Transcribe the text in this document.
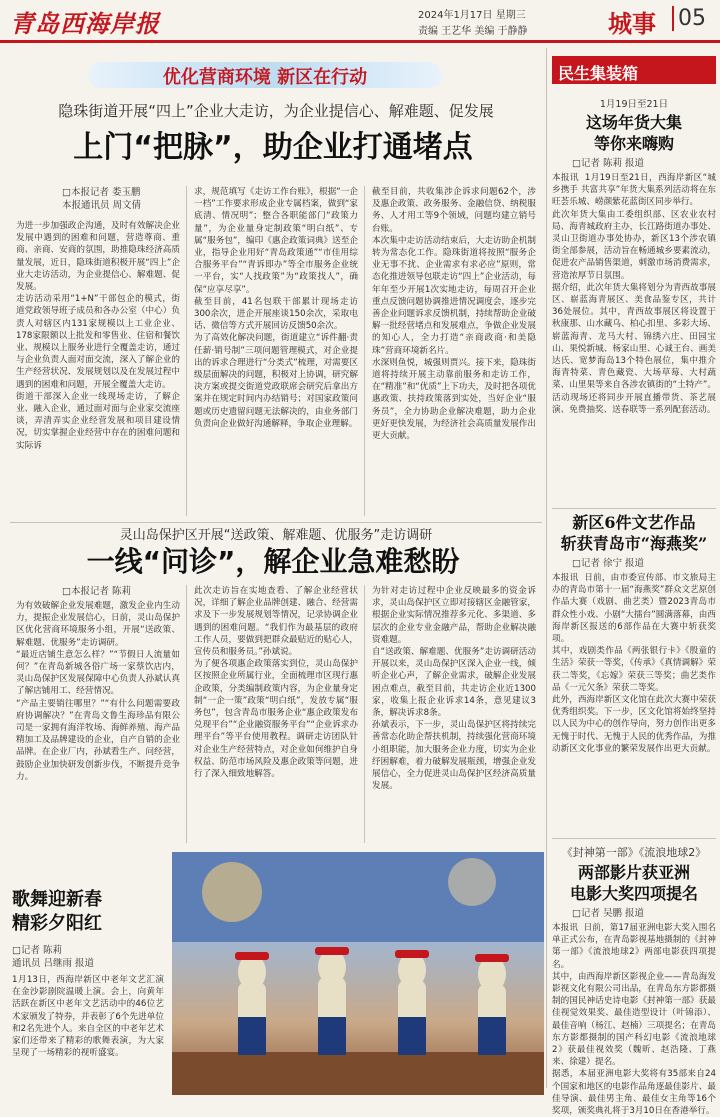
青岛西海岸报	2024年1月17日 星期三
责编 王艺华 美编 于静静	城事 05
优化营商环境 新区在行动
隐珠街道开展“四上”企业大走访，为企业提信心、解难题、促发展
上门“把脉”，助企业打通堵点
□本报记者 娄玉鹏
本报通讯员 周文倩
为进一步加强政企沟通，及时有效解决企业发展中遇到的困难和问题，营造尊商、重商、亲商、安商的氛围，助推隐珠经济高质量发展，近日，隐珠街道积极开展“四上”企业大走访活动，为企业提信心、解难题、促发展。
走访活动采用“1+N”干部包企的模式，街道党政领导班子成员和各办公室（中心）负责人对辖区内131家规模以上工业企业、178家限额以上批发和零售业、住宿和餐饮业、规模以上服务业进行全覆盖走访，通过与企业负责人面对面交流，深入了解企业的生产经营状况、发展规划以及在发展过程中遇到的困难和问题，开展全覆盖大走访。
街道干部深入企业一线现场走访，了解企业、融入企业，通过面对面与企业家交流座谈，弄清弄实企业经营发展和项目建设情况，切实掌握企业经营中存在的困难问题和实际诉
求，规范填写《走访工作台账》，根据“一企一档”工作要求形成企业专属档案，做到“家底清、情况明”；整合各职能部门“政策力量”，为企业量身定制政策“明白纸”、专属“服务包”，编印《惠企政策词典》送至企业，指导企业用好“青岛政策通”“市佳用综合服务平台”“青诉即办”等全市服务企业统一平台，实“人找政策”为“政策找人”，确保“应享尽享”。
截至目前，41名包联干部累计现场走访300余次，进企开展座谈150余次，采取电话、微信等方式开展回访反馈50余次。
为了高效化解决问题，街道建立“诉件翻·责任薪·销号制”三项问题管理模式，对企业提出的诉求合理进行“分类式”梳理，对需要区级层面解决的问题，积极对上协调，研究解决方案或提交街道党政联席会研究后拿出方案并在规定时间内办结销号；对国家政策问题或历史遗留问题无法解决的，由业务部门负责向企业做好沟通解释，争取企业理解。
截至目前，共收集涉企诉求问题62个，涉及惠企政策、政务服务、金融信贷、纳税服务、人才用工等9个领域，问题均建立销号台账。
本次集中走访活动结束后，大走访助企机制转为常态化工作。隐珠街道将按照“服务企业无事不扰、企业需求有求必应”原则，常态化推进领导包联走访“四上”企业活动，每年年至少开展1次实地走访，每周召开企业重点反馈问题协调推进情况调度会，逐步完善企业问题诉求反馈机制，持续帮助企业破解一批经营堵点和发展难点，争做企业发展的知心人，全力打造“亲商政商·和美隐珠”营商环境新名片。
水深则鱼悦，城强则贾兴。接下来，隐珠街道将持续开展主动靠前服务和走访工作，在“精准”和“优质”上下功夫，及时把各项优惠政策、扶持政策落到实处，当好企业“服务员”，全力协助企业解决难题，助力企业更好更快发展，为经济社会高质量发展作出更大贡献。
灵山岛保护区开展“送政策、解难题、优服务”走访调研
一线“问诊”，解企业急难愁盼
□本报记者 陈莉
为有效破解企业发展难题，激发企业内生动力，提振企业发展信心，日前，灵山岛保护区优化营商环境服务小组，开展“送政策、解难题、优服务”走访调研。
“最近店铺生意怎么样？”“节假日人流量如何？”在青岛新城各俗广场一家蔡饮店内，灵山岛保护区发展保障中心负责人孙斌认真了解店铺用工、经营情况。
“产品主要销往哪里？”“有什么问题需要政府协调解决？”在青岛文鲁生海珍品有限公司是一家拥有海洋牧场、海鲜养殖、海产品精加工及品牌建设的企业，自产自销的企业品牌。在企业厂内，孙斌看生产、问经营，鼓励企业加快研发创新步伐，不断提升竞争力。
此次走访旨在实地查看、了解企业经营状况，详细了解企业品牌创建、融合、经营需求及下一步发展规划等情况，记录协调企业遇到的困难问题。“我们作为最基层的政府工作人员，要做到把群众最贴近的贴心人，宣传员和服务员。”孙斌说。
为了便各项惠企政策落实到位，灵山岛保护区按照企业所属行业，全面梳理市区现行惠企政策，分类编制政策内容，为企业量身定制“一企一策”政策“明白纸”，发放专属“服务包”，包含青岛市服务企业“惠企政策发布兑现平台”“企业融资服务平台”“企业诉求办理平台”等平台使用教程。调研走访团队针对企业生产经营特点，对企业如何维护自身权益、防范市场风险及惠企政策等问题，进行了深入细致地解答。
为针对走访过程中企业反映最多的资金诉求，灵山岛保护区立即对接辖区金融管家，根据企业实际情况推荐多元化、多渠道、多层次的企业专业金融产品，帮助企业解决融资难题。
自“送政策、解难题、优服务”走访调研活动开展以来，灵山岛保护区深入企业一线，倾听企业心声，了解企业需求，破解企业发展困点难点，截至目前，共走访企业近1300家，收集上报企业诉求14条，意见建议3条，解决诉求8条。
孙斌表示，下一步，灵山岛保护区将持续完善常态化助企帮扶机制，持续强化营商环境小组职能，加大服务企业力度，切实为企业纾困解难，着力破解发展瓶颈，增强企业发展信心，全力促进灵山岛保护区经济高质量发展。
歌舞迎新春
精彩夕阳红
□记者 陈莉
通讯员 吕继雨 报道
1月13日，西海岸新区中老年文艺汇演在金沙影剧院温暖上演。会上，向黄年活跃在新区中老年文艺活动中的46位艺术家颁发了特券，并表彰了6个先进单位和2名先进个人。来自全区的中老年艺术家们还带来了精彩的歌舞表演，为大家呈现了一场精彩的视听盛宴。
民生集装箱
1月19日至21日
这场年货大集
等你来嗨购
□记者 陈莉 报道
本报讯  1月19日至21日，西海岸新区“城乡携手 共富共享”年货大集系列活动将在东旺荟乐城、崂颜紫花蓝街区同步举行。
此次年货大集由工委组织部、区农业农村局、海青城政府主办，长江路街道办事处、灵山卫街道办事处协办，新区13个涉农镇街全部参展，活动旨在畅通城乡要素流动，促进农产品销售渠道，刺激市场消费需求，营造浓厚节日氛围。
据介绍，此次年货大集将划分为青西故事展区、崭蓝海青展区、美食品鉴专区，共计36处展位。其中，青西故事展区将设置于秋康那、山水藏乌、柏心扣里、多彩大场、崭蓝海青、龙马大村、锦绣六庄、田园宝山、果悦新城、杨家山里、心诚王台、画美达氏、宽梦海岛13个特色展位，集中推介海青特菜、青色藏瓷、大场草莓、大村蔬菜、山里果等来自各涉农镇街的“土特产”。活动现场还将同步开展直播带货、茶艺展演、免费抽奖、送春联等一系列配套活动。
新区6件文艺作品
斩获青岛市“海燕奖”
□记者 徐宁 报道
本报讯  日前，由市委宣传部、市文旅局主办的青岛市第十一届“海燕奖”群众文艺原创作品大赛（戏剧、曲艺类）暨2023青岛市群众性小戏、小剧“大擂台”圆满落幕，由西海岸新区报送的6部作品在大赛中斩获奖项。
其中，戏剧类作品《两张银行卡》《殷童的生活》荣获一等奖，《传承》《真情调解》荣获二等奖，《忘嫁》荣获三等奖；曲艺类作品《一元欠条》荣获二等奖。
此外，西海岸新区文化馆在此次大赛中荣获优秀组织奖。下一步，区文化馆将始终坚持以人民为中心的创作导向，努力创作出更多无愧于时代、无愧于人民的优秀作品，为推动新区文化事业的繁荣发展作出更大贡献。
《封神第一部》《流浪地球2》
两部影片获亚洲
电影大奖四项提名
□记者 吴鹏 报道
本报讯  日前，第17届亚洲电影大奖入围名单正式公布，在青岛影视基地摄制的《封神第一部》《流浪地球2》两部电影获四项提名。
其中，由西海岸新区影视企业——青岛海发影视文化有限公司出品，在青岛东方影都摄制的国民神话史诗电影《封神第一部》获最佳视觉效果奖、最佳造型设计（叶锦添）、最佳音响（杨江、赵楠）三项提名；在青岛东方影都摄制的国产科幻电影《流浪地球2》获最佳视效奖（魏昕、赵浩隆、丁燕来、徐建）提名。
据悉，本届亚洲电影大奖将有35部来自24个国家和地区的电影作品角逐最佳影片、最佳导演、最佳男主角、最佳女主角等16个奖项，颁奖典礼将于3月10日在香港举行。
